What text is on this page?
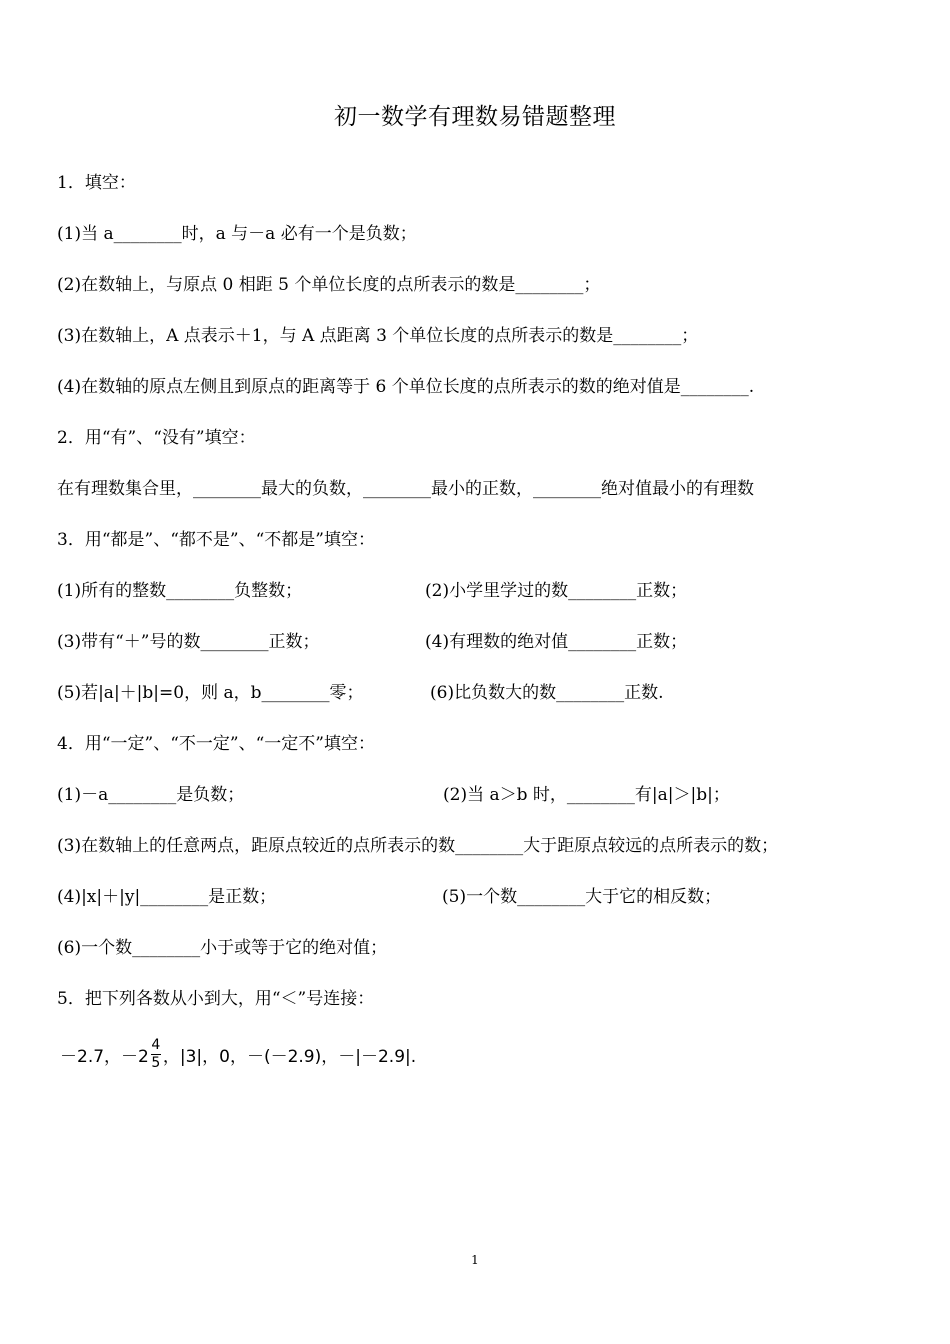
初一数学有理数易错题整理
1．填空：
(1)当 a________时，a 与－a 必有一个是负数；
(2)在数轴上，与原点 0 相距 5 个单位长度的点所表示的数是________；
(3)在数轴上，A 点表示＋1，与 A 点距离 3 个单位长度的点所表示的数是________；
(4)在数轴的原点左侧且到原点的距离等于 6 个单位长度的点所表示的数的绝对值是________.
2．用“有”、“没有”填空：
在有理数集合里，________最大的负数，________最小的正数，________绝对值最小的有理数
3．用“都是”、“都不是”、“不都是”填空：
(1)所有的整数________负整数；	(2)小学里学过的数________正数；
(3)带有“＋”号的数________正数；	(4)有理数的绝对值________正数；
(5)若|a|＋|b|=0，则 a，b________零；	(6)比负数大的数________正数.
4．用“一定”、“不一定”、“一定不”填空：
(1)－a________是负数；	(2)当 a＞b 时，________有|a|＞|b|；
(3)在数轴上的任意两点，距原点较近的点所表示的数________大于距原点较远的点所表示的数；
(4)|x|＋|y|________是正数；	(5)一个数________大于它的相反数；
(6)一个数________小于或等于它的绝对值；
5．把下列各数从小到大，用“＜”号连接：
－2.7，$-2 \frac{4}{5}$ ，|3|，0，－(－2.9)，－|－2.9|.
1
